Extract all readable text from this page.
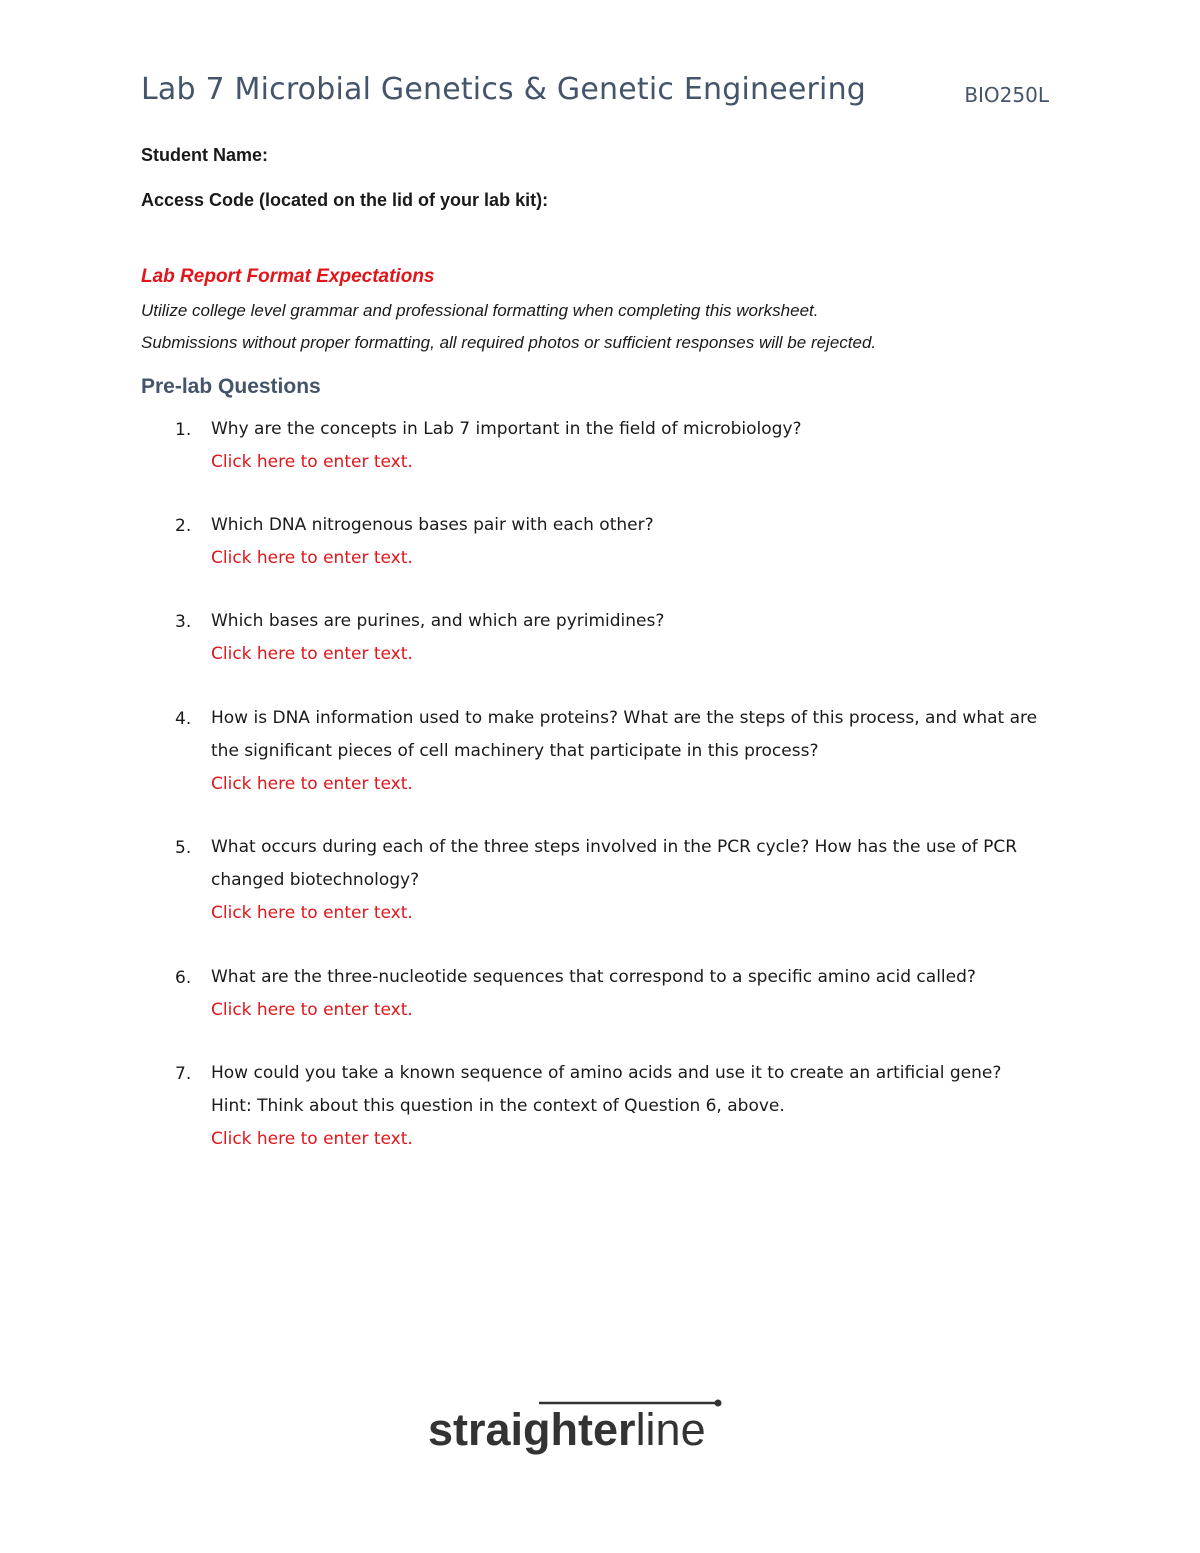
Lab 7 Microbial Genetics & Genetic Engineering	BIO250L
Student Name:
Access Code (located on the lid of your lab kit):
Lab Report Format Expectations
Utilize college level grammar and professional formatting when completing this worksheet.
Submissions without proper formatting, all required photos or sufficient responses will be rejected.
Pre-lab Questions
1.	Why are the concepts in Lab 7 important in the field of microbiology?
Click here to enter text.
2.	Which DNA nitrogenous bases pair with each other?
Click here to enter text.
3.	Which bases are purines, and which are pyrimidines?
Click here to enter text.
4.	How is DNA information used to make proteins? What are the steps of this process, and what are the significant pieces of cell machinery that participate in this process?
Click here to enter text.
5.	What occurs during each of the three steps involved in the PCR cycle? How has the use of PCR changed biotechnology?
Click here to enter text.
6.	What are the three-nucleotide sequences that correspond to a specific amino acid called?
Click here to enter text.
7.	How could you take a known sequence of amino acids and use it to create an artificial gene? Hint: Think about this question in the context of Question 6, above.
Click here to enter text.
straighterline
